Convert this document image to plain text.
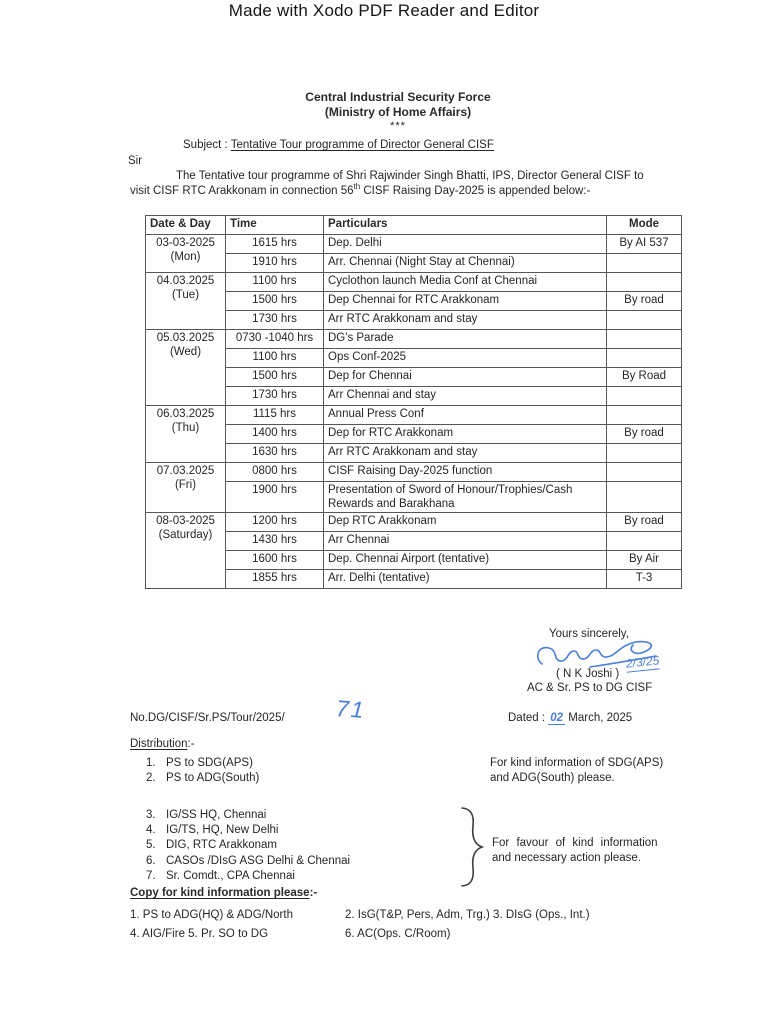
Made with Xodo PDF Reader and Editor
Central Industrial Security Force
(Ministry of Home Affairs)
***
Subject : Tentative Tour programme of Director General CISF
Sir
The Tentative tour programme of Shri Rajwinder Singh Bhatti, IPS, Director General CISF to visit CISF RTC Arakkonam in connection 56th CISF Raising Day-2025 is appended below:-
Date & Day	Time	Particulars	Mode

03-03-2025
(Mon)	1615 hrs	Dep. Delhi	By AI 537
	1910 hrs	Arr. Chennai (Night Stay at Chennai)	

04.03.2025
(Tue)	1100 hrs	Cyclothon launch Media Conf at Chennai	
	1500 hrs	Dep Chennai for RTC Arakkonam	By road
	1730 hrs	Arr RTC Arakkonam and stay	

05.03.2025
(Wed)	0730 -1040 hrs	DG's Parade	
	1100 hrs	Ops Conf-2025	
	1500 hrs	Dep for Chennai	By Road
	1730 hrs	Arr Chennai and stay	

06.03.2025
(Thu)	1115 hrs	Annual Press Conf	
	1400 hrs	Dep for RTC Arakkonam	By road
	1630 hrs	Arr RTC Arakkonam and stay	

07.03.2025
(Fri)	0800 hrs	CISF Raising Day-2025 function	
	1900 hrs	Presentation of Sword of Honour/Trophies/Cash Rewards and Barakhana	

08-03-2025
(Saturday)	1200 hrs	Dep RTC Arakkonam	By road
	1430 hrs	Arr Chennai	
	1600 hrs	Dep. Chennai Airport (tentative)	By Air
	1855 hrs	Arr. Delhi (tentative)	T-3
Yours sincerely,
2/3/25
( N K Joshi )
AC & Sr. PS to DG CISF
No.DG/CISF/Sr.PS/Tour/2025/ 71	Dated : 02 March, 2025
Distribution:-
1. PS to SDG(APS)
2. PS to ADG(South)
For kind information of SDG(APS)
and ADG(South) please.
3. IG/SS HQ, Chennai
4. IG/TS, HQ, New Delhi
5. DIG, RTC Arakkonam
6. CASOs /DIsG ASG Delhi & Chennai
7. Sr. Comdt., CPA Chennai
For favour of kind information
and necessary action please.
Copy for kind information please:-
1. PS to ADG(HQ) & ADG/North	2. IsG(T&P, Pers, Adm, Trg.) 3. DIsG (Ops., Int.)
4. AIG/Fire 5. Pr. SO to DG	6. AC(Ops. C/Room)
